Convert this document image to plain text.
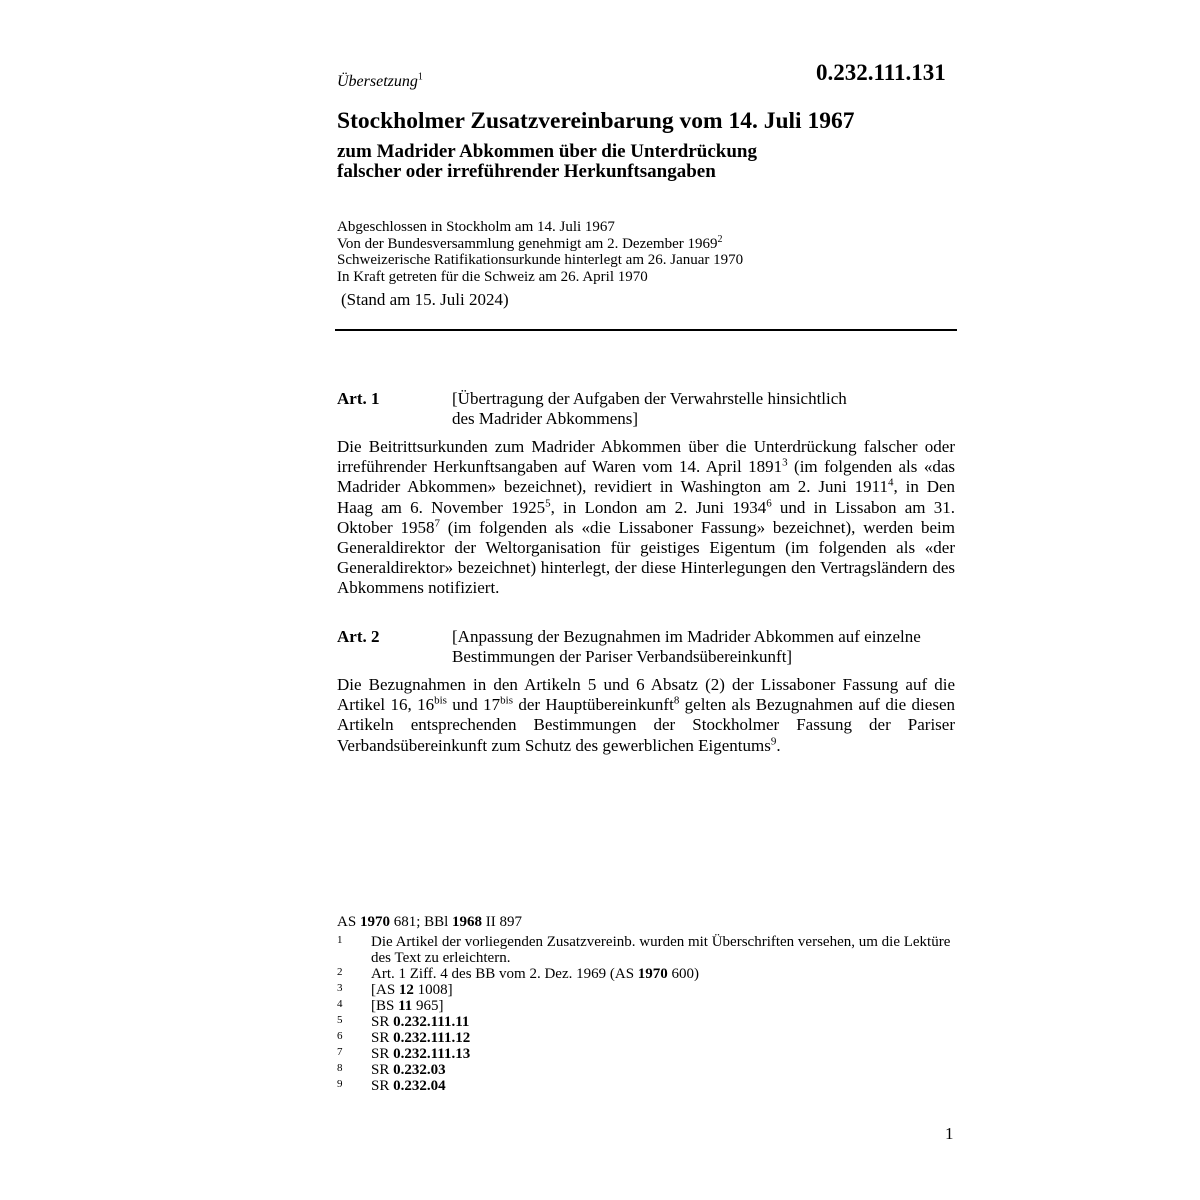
Übersetzung$^1$	0.232.111.131
Stockholmer Zusatzvereinbarung vom 14. Juli 1967
zum Madrider Abkommen über die Unterdrückung
falscher oder irreführender Herkunftsangaben
Abgeschlossen in Stockholm am 14. Juli 1967
Von der Bundesversammlung genehmigt am 2. Dezember 1969$^2$
Schweizerische Ratifikationsurkunde hinterlegt am 26. Januar 1970
In Kraft getreten für die Schweiz am 26. April 1970
(Stand am 15. Juli 2024)
Art. 1	[Übertragung der Aufgaben der Verwahrstelle hinsichtlich
des Madrider Abkommens]
Die Beitrittsurkunden zum Madrider Abkommen über die Unterdrückung falscher oder irreführender Herkunftsangaben auf Waren vom 14. April 1891$^3$ (im folgenden als «das Madrider Abkommen» bezeichnet), revidiert in Washington am 2. Juni 1911$^4$, in Den Haag am 6. November 1925$^5$, in London am 2. Juni 1934$^6$ und in Lissabon am 31. Oktober 1958$^7$ (im folgenden als «die Lissaboner Fassung» bezeichnet), werden beim Generaldirektor der Weltorganisation für geistiges Eigentum (im folgenden als «der Generaldirektor» bezeichnet) hinterlegt, der diese Hinterlegungen den Vertragsländern des Abkommens notifiziert.
Art. 2	[Anpassung der Bezugnahmen im Madrider Abkommen auf einzelne
Bestimmungen der Pariser Verbandsübereinkunft]
Die Bezugnahmen in den Artikeln 5 und 6 Absatz (2) der Lissaboner Fassung auf die Artikel 16, $16^{bis}$ und $17^{bis}$ der Hauptübereinkunft$^8$ gelten als Bezugnahmen auf die diesen Artikeln entsprechenden Bestimmungen der Stockholmer Fassung der Pariser Verbandsübereinkunft zum Schutz des gewerblichen Eigentums$^9$.
AS 1970 681; BBl 1968 II 897
1 Die Artikel der vorliegenden Zusatzvereinb. wurden mit Überschriften versehen, um die Lektüre des Text zu erleichtern.
2 Art. 1 Ziff. 4 des BB vom 2. Dez. 1969 (AS 1970 600)
3 [AS 12 1008]
4 [BS 11 965]
5 SR 0.232.111.11
6 SR 0.232.111.12
7 SR 0.232.111.13
8 SR 0.232.03
9 SR 0.232.04
1
